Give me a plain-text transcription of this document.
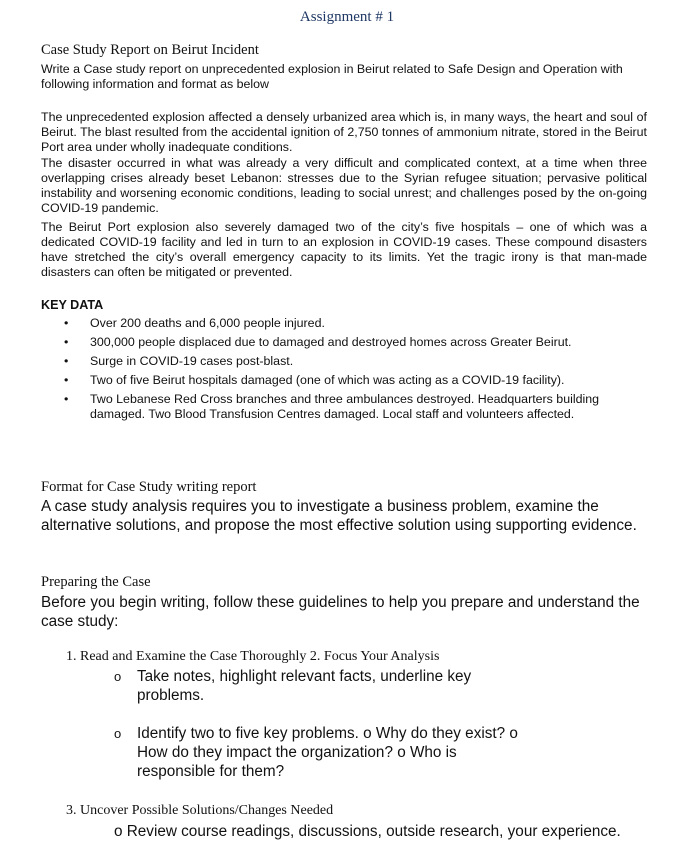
Assignment # 1
Case Study Report on Beirut Incident

Write a Case study report on unprecedented explosion in Beirut related to Safe Design and Operation with following information and format as below

The unprecedented explosion affected a densely urbanized area which is, in many ways, the heart and soul of Beirut. The blast resulted from the accidental ignition of 2,750 tonnes of ammonium nitrate, stored in the Beirut Port area under wholly inadequate conditions.

The disaster occurred in what was already a very difficult and complicated context, at a time when three overlapping crises already beset Lebanon: stresses due to the Syrian refugee situation; pervasive political instability and worsening economic conditions, leading to social unrest; and challenges posed by the on-going COVID-19 pandemic.

The Beirut Port explosion also severely damaged two of the city’s five hospitals – one of which was a dedicated COVID-19 facility and led in turn to an explosion in COVID-19 cases. These compound disasters have stretched the city’s overall emergency capacity to its limits. Yet the tragic irony is that man-made disasters can often be mitigated or prevented.

KEY DATA
• Over 200 deaths and 6,000 people injured.
• 300,000 people displaced due to damaged and destroyed homes across Greater Beirut.
• Surge in COVID-19 cases post-blast.
• Two of five Beirut hospitals damaged (one of which was acting as a COVID-19 facility).
• Two Lebanese Red Cross branches and three ambulances destroyed. Headquarters building damaged. Two Blood Transfusion Centres damaged. Local staff and volunteers affected.
Format for Case Study writing report

A case study analysis requires you to investigate a business problem, examine the alternative solutions, and propose the most effective solution using supporting evidence.

Preparing the Case

Before you begin writing, follow these guidelines to help you prepare and understand the case study:

1. Read and Examine the Case Thoroughly 2. Focus Your Analysis
ο	Take notes, highlight relevant facts, underline key problems.
ο	Identify two to five key problems. ο Why do they exist? ο How do they impact the organization? ο Who is responsible for them?
3. Uncover Possible Solutions/Changes Needed
ο Review course readings, discussions, outside research, your experience.
